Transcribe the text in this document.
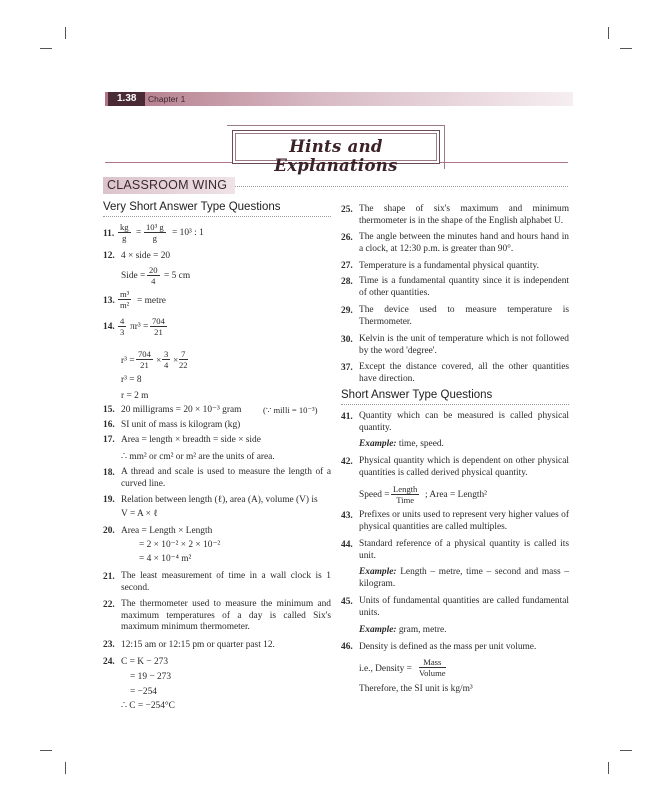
1.38	Chapter 1
Hints and Explanations
CLASSROOM WING
Very Short Answer Type Questions
11. $\frac{kg}{g} = \frac{\text{10³ g}}{g} = 10^3$ : 1
12. 4 × side = 20
Side = $\frac{20}{4} = 5$ cm
13. $\frac{\text{m³}}{\text{m²}}$ = metre
14. $\frac{4}{3} \pi r^3 = \frac{704}{21}$
$r^3 = \frac{704}{21} \times \frac{3}{4} \times \frac{7}{22}$
r³ = 8
r = 2 m
15. 20 milligrams = 20 × 10⁻³ gram	(∵ milli = 10⁻³)
16. SI unit of mass is kilogram (kg)
17. Area = length × breadth = side × side
∴ mm² or cm² or m² are the units of area.
18. A thread and scale is used to measure the length of a curved line.
19. Relation between length (ℓ), area (A), volume (V) is
V = A × ℓ
20. Area = Length × Length
= 2 × 10⁻² × 2 × 10⁻²
= 4 × 10⁻⁴ m²
21. The least measurement of time in a wall clock is 1 second.
22. The thermometer used to measure the minimum and maximum temperatures of a day is called Six's maximum minimum thermometer.
23. 12:15 am or 12:15 pm or quarter past 12.
24. C = K − 273
= 19 − 273
= −254
∴ C = −254°C
25. The shape of six's maximum and minimum thermometer is in the shape of the English alphabet U.
26. The angle between the minutes hand and hours hand in a clock, at 12:30 p.m. is greater than 90°.
27. Temperature is a fundamental physical quantity.
28. Time is a fundamental quantity since it is independent of other quantities.
29. The device used to measure temperature is Thermometer.
30. Kelvin is the unit of temperature which is not followed by the word 'degree'.
37. Except the distance covered, all the other quantities have direction.
Short Answer Type Questions
41. Quantity which can be measured is called physical quantity.
Example: time, speed.
42. Physical quantity which is dependent on other physical quantities is called derived physical quantity.
Speed =
Length
Time	; Area = Length²
43. Prefixes or units used to represent very higher values of physical quantities are called multiples.
44. Standard reference of a physical quantity is called its unit.
Example: Length – metre, time – second and mass – kilogram.
45. Units of fundamental quantities are called fundamental units.
Example: gram, metre.
46. Density is defined as the mass per unit volume.
i.e., Density =
Mass
Volume
Therefore, the SI unit is kg/m³
